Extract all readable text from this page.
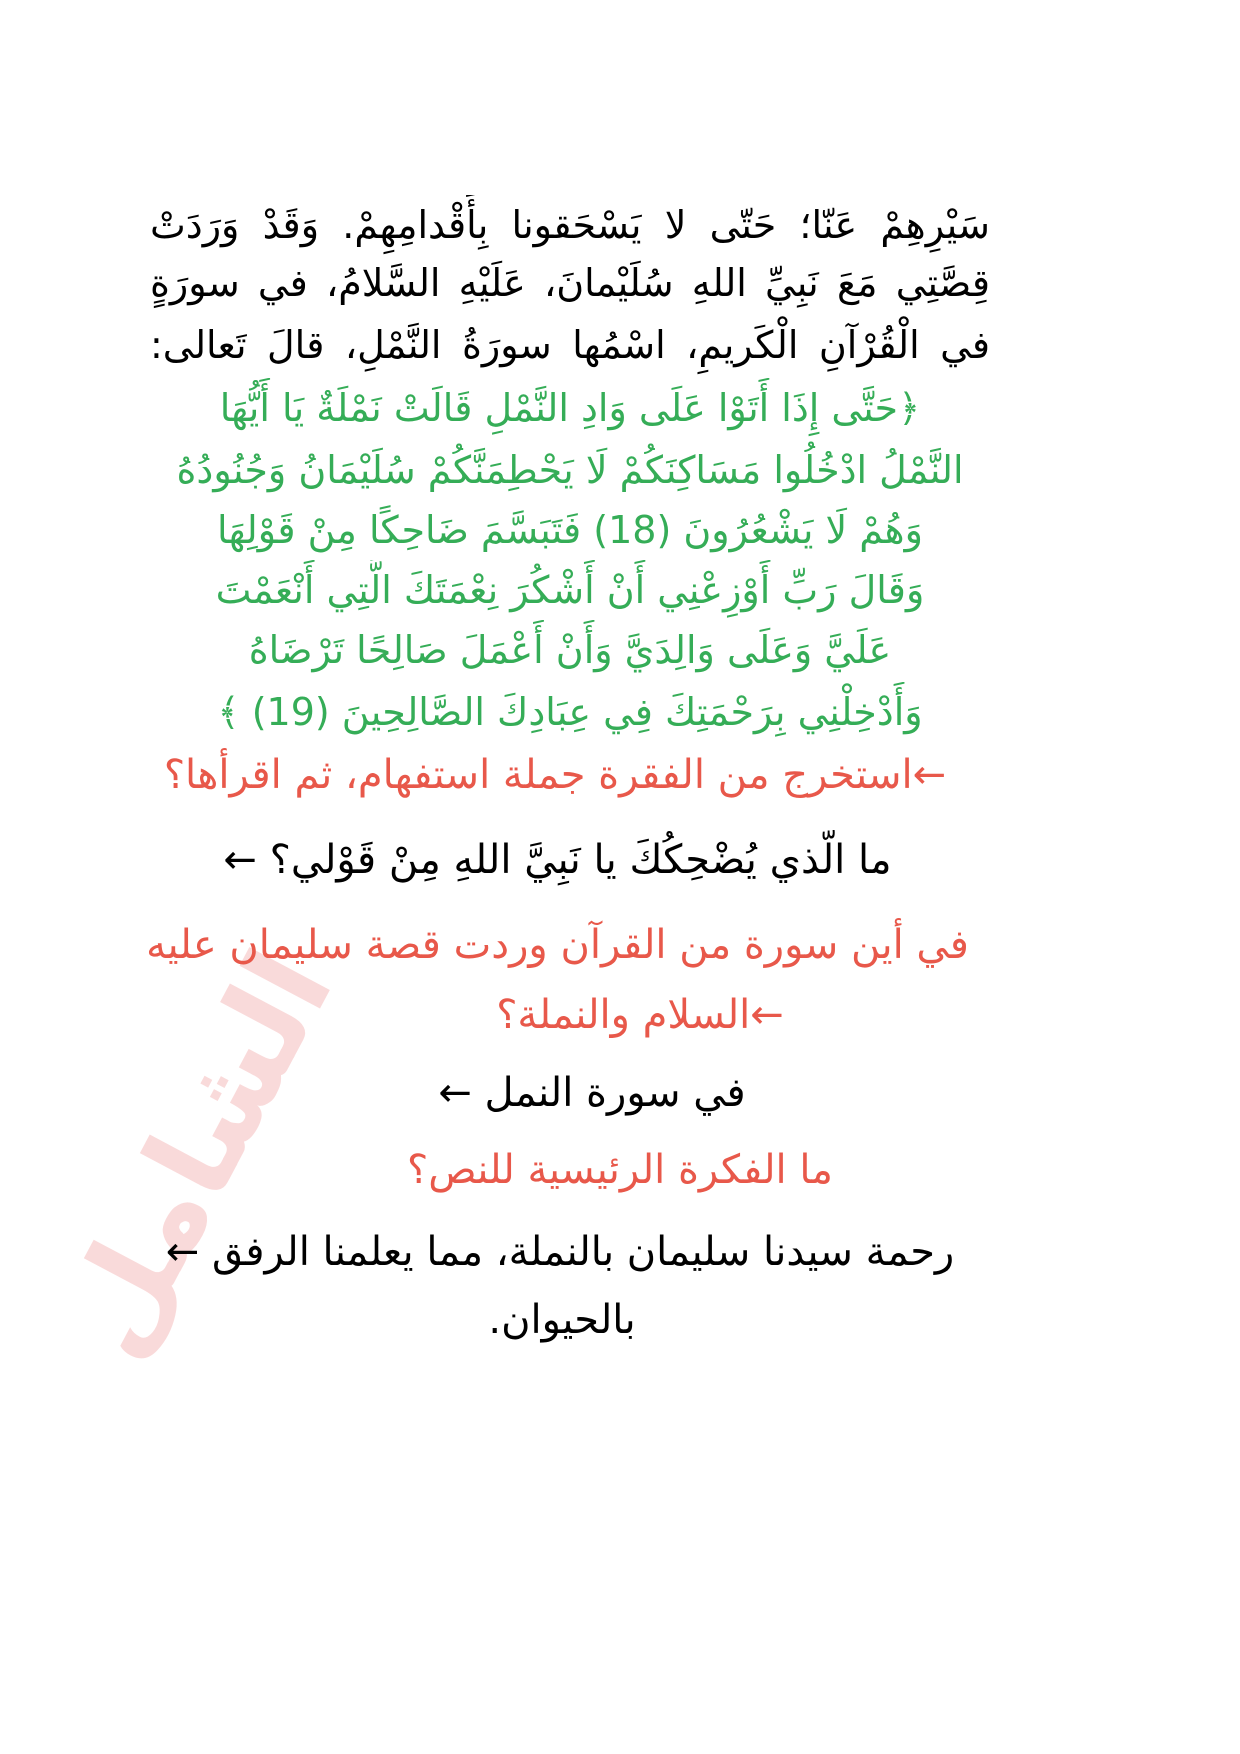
الشامل
سَيْرِهِمْ عَنّا؛ حَتّى لا يَسْحَقونا بِأَقْدامِهِمْ. وَقَدْ وَرَدَتْ
قِصَّتِي مَعَ نَبِيِّ اللهِ سُلَيْمانَ، عَلَيْهِ السَّلامُ، في سورَةٍ
في الْقُرْآنِ الْكَريمِ، اسْمُها سورَةُ النَّمْلِ، قالَ تَعالى:
﴿حَتَّى إِذَا أَتَوْا عَلَى وَادِ النَّمْلِ قَالَتْ نَمْلَةٌ يَا أَيُّهَا
النَّمْلُ ادْخُلُوا مَسَاكِنَكُمْ لَا يَحْطِمَنَّكُمْ سُلَيْمَانُ وَجُنُودُهُ
وَهُمْ لَا يَشْعُرُونَ (18) فَتَبَسَّمَ ضَاحِكًا مِنْ قَوْلِهَا
وَقَالَ رَبِّ أَوْزِعْنِي أَنْ أَشْكُرَ نِعْمَتَكَ الَّتِي أَنْعَمْتَ
عَلَيَّ وَعَلَى وَالِدَيَّ وَأَنْ أَعْمَلَ صَالِحًا تَرْضَاهُ
وَأَدْخِلْنِي بِرَحْمَتِكَ فِي عِبَادِكَ الصَّالِحِينَ (19) ﴾
←استخرج من الفقرة جملة استفهام، ثم اقرأها؟
ما الَّذي يُضْحِكُكَ يا نَبِيَّ اللهِ مِنْ قَوْلي؟ ←
في أين سورة من القرآن وردت قصة سليمان عليه
←السلام والنملة؟
في سورة النمل ←
ما الفكرة الرئيسية للنص؟
رحمة سيدنا سليمان بالنملة، مما يعلمنا الرفق ←
بالحيوان.
